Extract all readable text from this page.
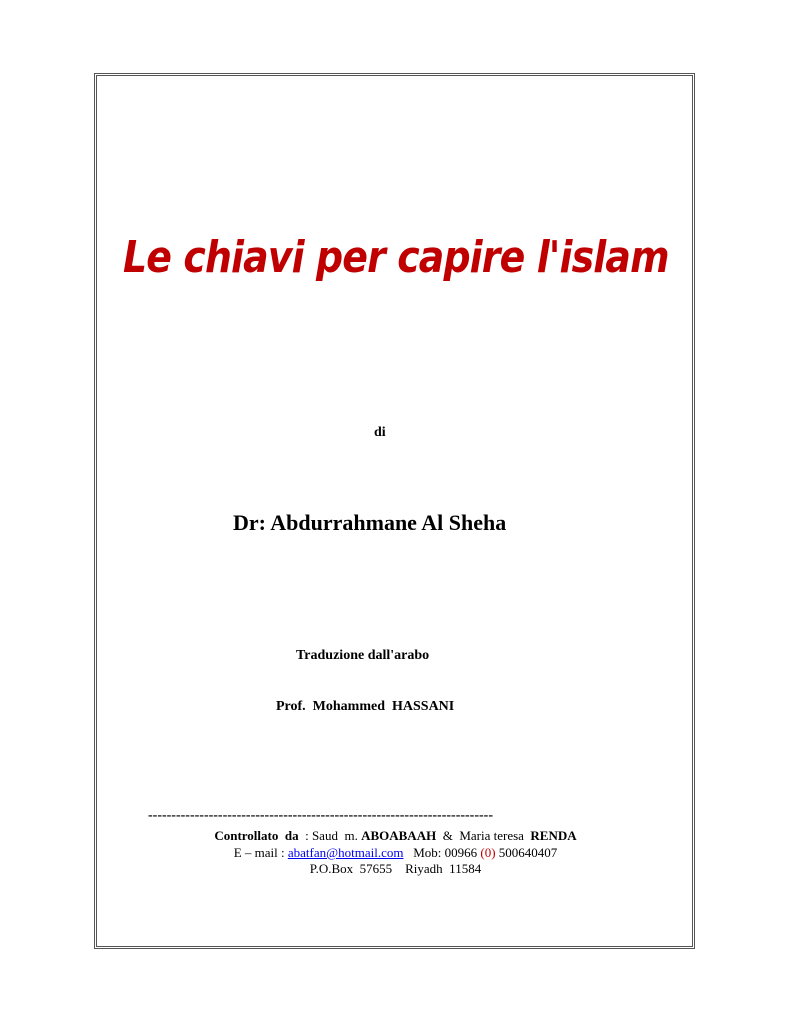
Le chiavi per capire l'islam
di
Dr: Abdurrahmane Al Sheha
Traduzione dall'arabo
Prof.  Mohammed  HASSANI
--------------------------------------------------------------------------
Controllato  da  : Saud  m. ABOABAAH  &  Maria teresa  RENDA
E – mail : abatfan@hotmail.com   Mob: 00966 (0) 500640407
P.O.Box  57655    Riyadh  11584
